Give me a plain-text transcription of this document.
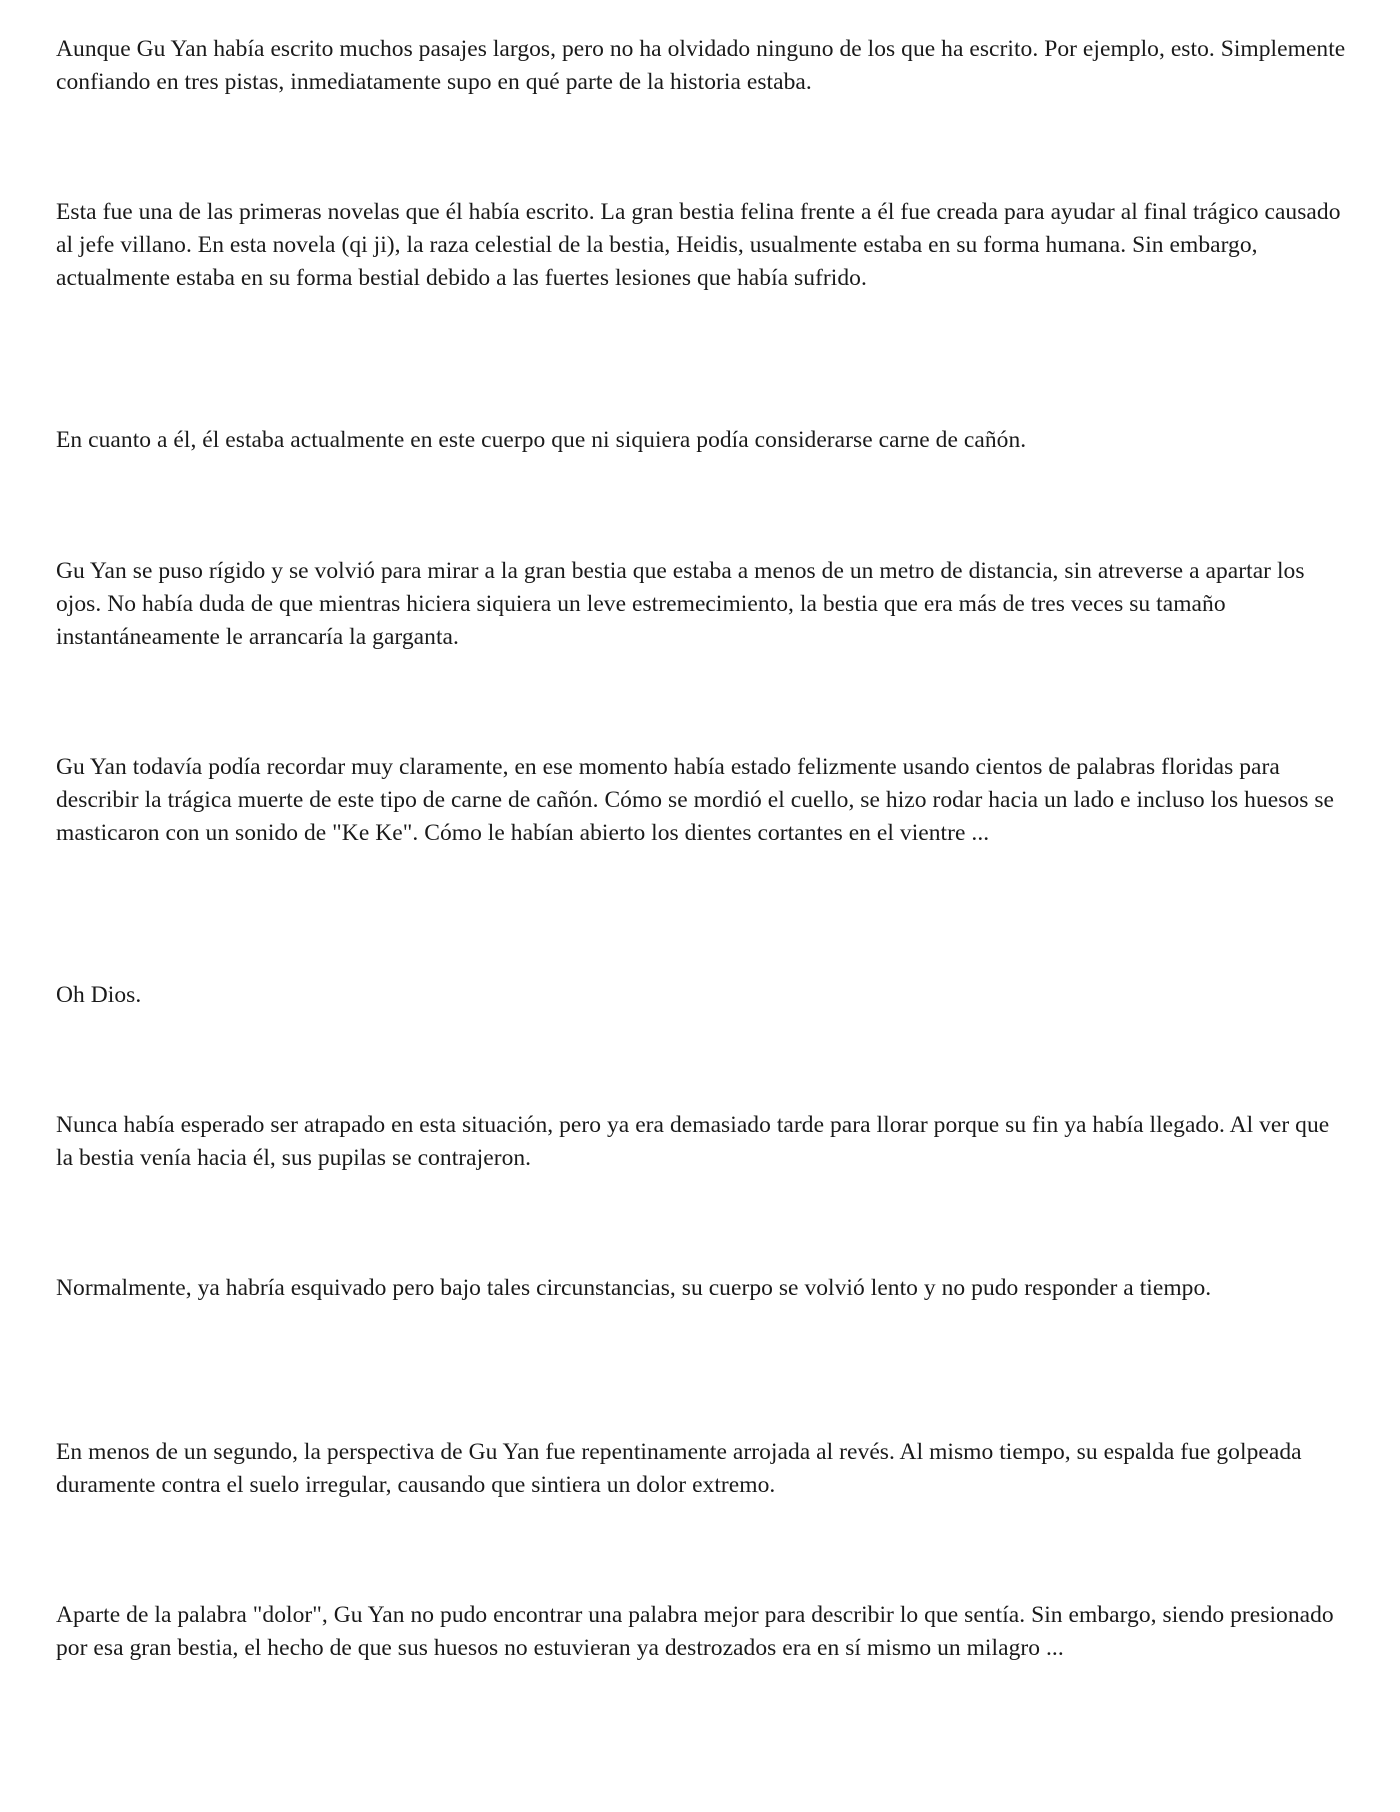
Aunque Gu Yan había escrito muchos pasajes largos, pero no ha olvidado ninguno de los que ha escrito. Por ejemplo, esto. Simplemente confiando en tres pistas, inmediatamente supo en qué parte de la historia estaba.

Esta fue una de las primeras novelas que él había escrito. La gran bestia felina frente a él fue creada para ayudar al final trágico causado al jefe villano. En esta novela (qi ji), la raza celestial de la bestia, Heidis, usualmente estaba en su forma humana. Sin embargo, actualmente estaba en su forma bestial debido a las fuertes lesiones que había sufrido.

En cuanto a él, él estaba actualmente en este cuerpo que ni siquiera podía considerarse carne de cañón.

Gu Yan se puso rígido y se volvió para mirar a la gran bestia que estaba a menos de un metro de distancia, sin atreverse a apartar los ojos. No había duda de que mientras hiciera siquiera un leve estremecimiento, la bestia que era más de tres veces su tamaño instantáneamente le arrancaría la garganta.

Gu Yan todavía podía recordar muy claramente, en ese momento había estado felizmente usando cientos de palabras floridas para describir la trágica muerte de este tipo de carne de cañón. Cómo se mordió el cuello, se hizo rodar hacia un lado e incluso los huesos se masticaron con un sonido de "Ke Ke". Cómo le habían abierto los dientes cortantes en el vientre ...

Oh Dios.

Nunca había esperado ser atrapado en esta situación, pero ya era demasiado tarde para llorar porque su fin ya había llegado. Al ver que la bestia venía hacia él, sus pupilas se contrajeron.

Normalmente, ya habría esquivado pero bajo tales circunstancias, su cuerpo se volvió lento y no pudo responder a tiempo.

En menos de un segundo, la perspectiva de Gu Yan fue repentinamente arrojada al revés. Al mismo tiempo, su espalda fue golpeada duramente contra el suelo irregular, causando que sintiera un dolor extremo.

Aparte de la palabra "dolor", Gu Yan no pudo encontrar una palabra mejor para describir lo que sentía. Sin embargo, siendo presionado por esa gran bestia, el hecho de que sus huesos no estuvieran ya destrozados era en sí mismo un milagro ...
